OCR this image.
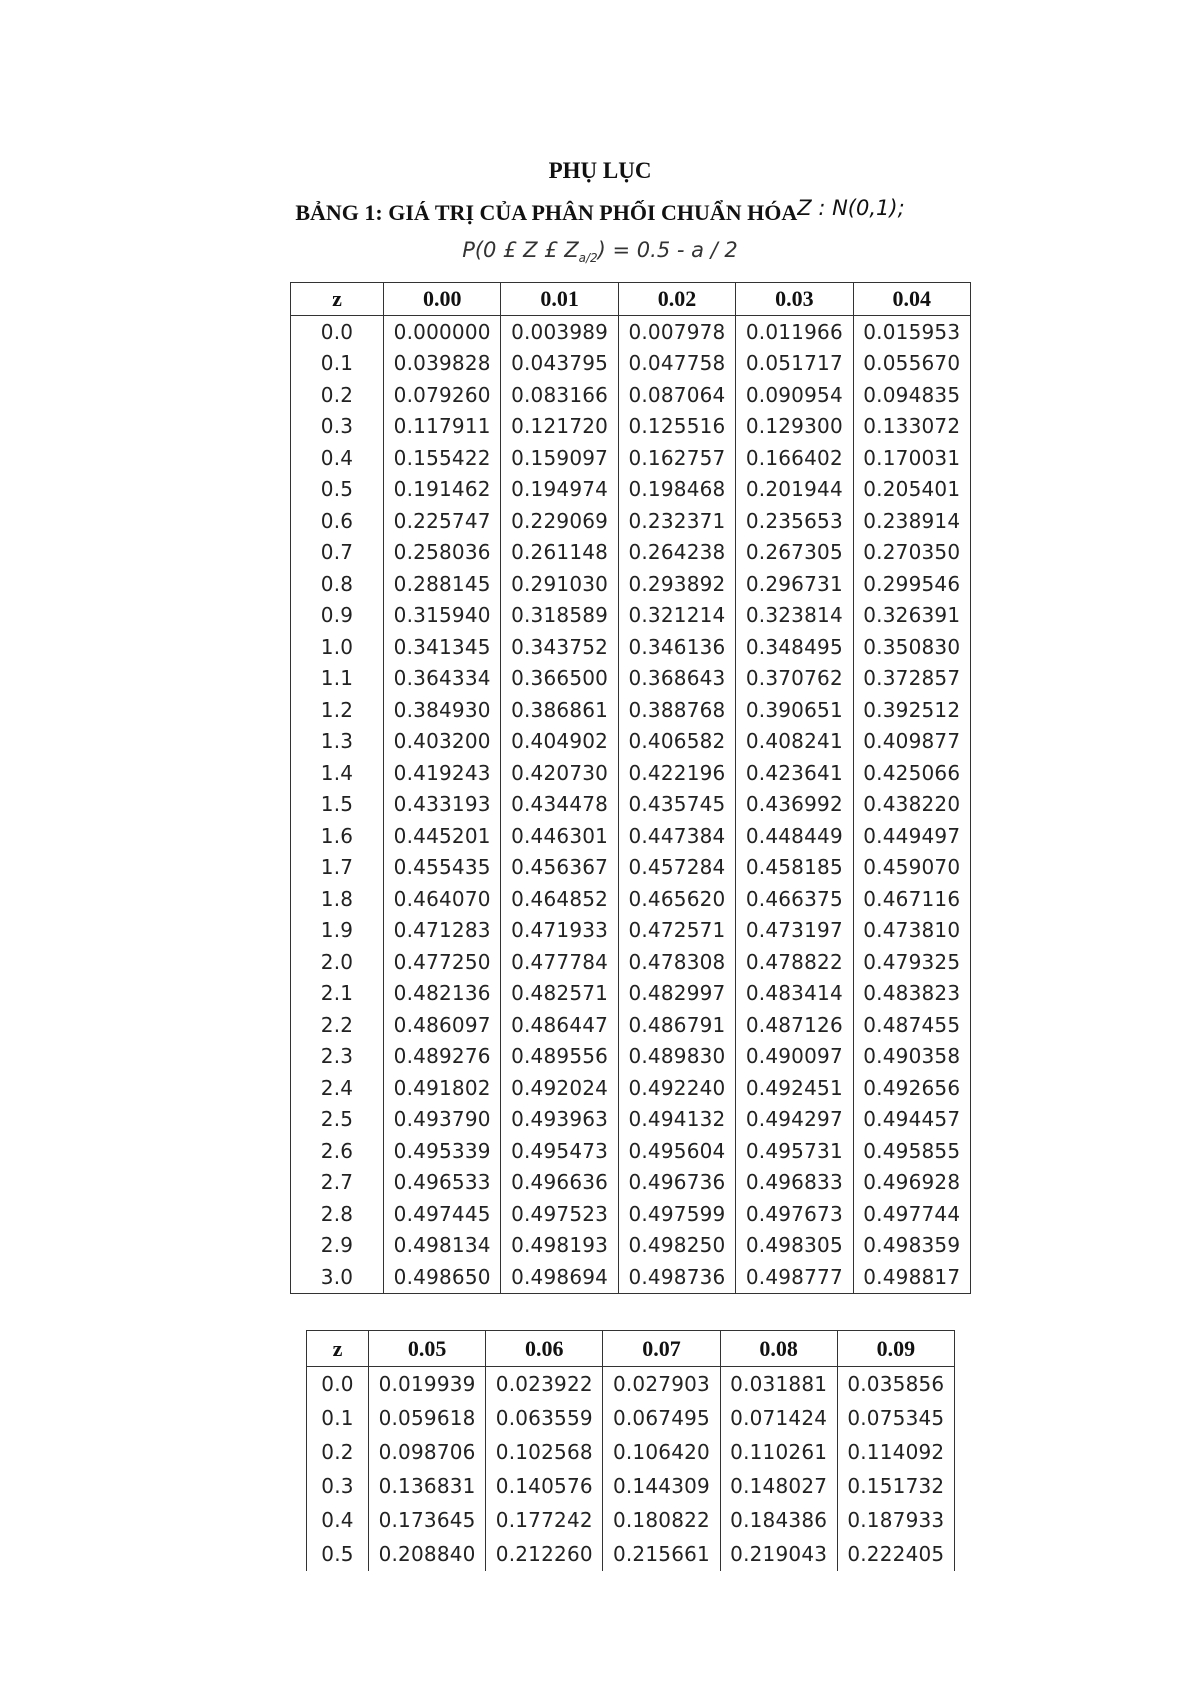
PHỤ LỤC
BẢNG 1: GIÁ TRỊ CỦA PHÂN PHỐI CHUẨN HÓAZ : N(0,1);
P(0 £ Z £ $Z_{a/2}) = 0.5 - a / 2$
z	0.00	0.01	0.02	0.03	0.04
0.0	0.000000	0.003989	0.007978	0.011966	0.015953
0.1	0.039828	0.043795	0.047758	0.051717	0.055670
0.2	0.079260	0.083166	0.087064	0.090954	0.094835
0.3	0.117911	0.121720	0.125516	0.129300	0.133072
0.4	0.155422	0.159097	0.162757	0.166402	0.170031
0.5	0.191462	0.194974	0.198468	0.201944	0.205401
0.6	0.225747	0.229069	0.232371	0.235653	0.238914
0.7	0.258036	0.261148	0.264238	0.267305	0.270350
0.8	0.288145	0.291030	0.293892	0.296731	0.299546
0.9	0.315940	0.318589	0.321214	0.323814	0.326391
1.0	0.341345	0.343752	0.346136	0.348495	0.350830
1.1	0.364334	0.366500	0.368643	0.370762	0.372857
1.2	0.384930	0.386861	0.388768	0.390651	0.392512
1.3	0.403200	0.404902	0.406582	0.408241	0.409877
1.4	0.419243	0.420730	0.422196	0.423641	0.425066
1.5	0.433193	0.434478	0.435745	0.436992	0.438220
1.6	0.445201	0.446301	0.447384	0.448449	0.449497
1.7	0.455435	0.456367	0.457284	0.458185	0.459070
1.8	0.464070	0.464852	0.465620	0.466375	0.467116
1.9	0.471283	0.471933	0.472571	0.473197	0.473810
2.0	0.477250	0.477784	0.478308	0.478822	0.479325
2.1	0.482136	0.482571	0.482997	0.483414	0.483823
2.2	0.486097	0.486447	0.486791	0.487126	0.487455
2.3	0.489276	0.489556	0.489830	0.490097	0.490358
2.4	0.491802	0.492024	0.492240	0.492451	0.492656
2.5	0.493790	0.493963	0.494132	0.494297	0.494457
2.6	0.495339	0.495473	0.495604	0.495731	0.495855
2.7	0.496533	0.496636	0.496736	0.496833	0.496928
2.8	0.497445	0.497523	0.497599	0.497673	0.497744
2.9	0.498134	0.498193	0.498250	0.498305	0.498359
3.0	0.498650	0.498694	0.498736	0.498777	0.498817
z	0.05	0.06	0.07	0.08	0.09
0.0	0.019939	0.023922	0.027903	0.031881	0.035856
0.1	0.059618	0.063559	0.067495	0.071424	0.075345
0.2	0.098706	0.102568	0.106420	0.110261	0.114092
0.3	0.136831	0.140576	0.144309	0.148027	0.151732
0.4	0.173645	0.177242	0.180822	0.184386	0.187933
0.5	0.208840	0.212260	0.215661	0.219043	0.222405
